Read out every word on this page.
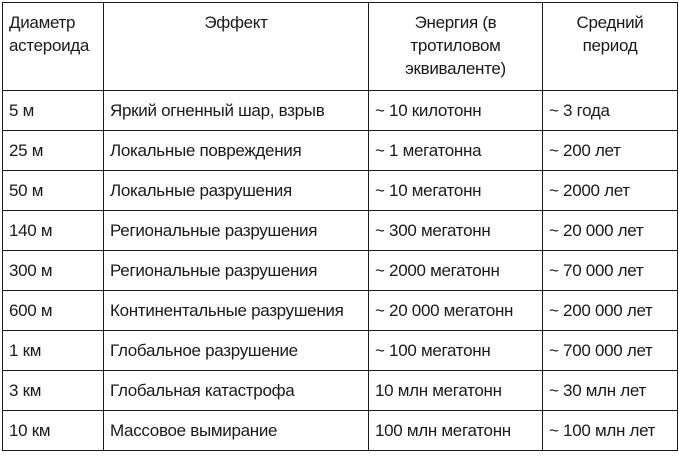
Диаметр астероида	Эффект	Энергия (в тротиловом эквиваленте)	Средний период
5 м	Яркий огненный шар, взрыв	~ 10 килотонн	~ 3 года
25 м	Локальные повреждения	~ 1 мегатонна	~ 200 лет
50 м	Локальные разрушения	~ 10 мегатонн	~ 2000 лет
140 м	Региональные разрушения	~ 300 мегатонн	~ 20 000 лет
300 м	Региональные разрушения	~ 2000 мегатонн	~ 70 000 лет
600 м	Континентальные разрушения	~ 20 000 мегатонн	~ 200 000 лет
1 км	Глобальное разрушение	~ 100 мегатонн	~ 700 000 лет
3 км	Глобальная катастрофа	10 млн мегатонн	~ 30 млн лет
10 км	Массовое вымирание	100 млн мегатонн	~ 100 млн лет
